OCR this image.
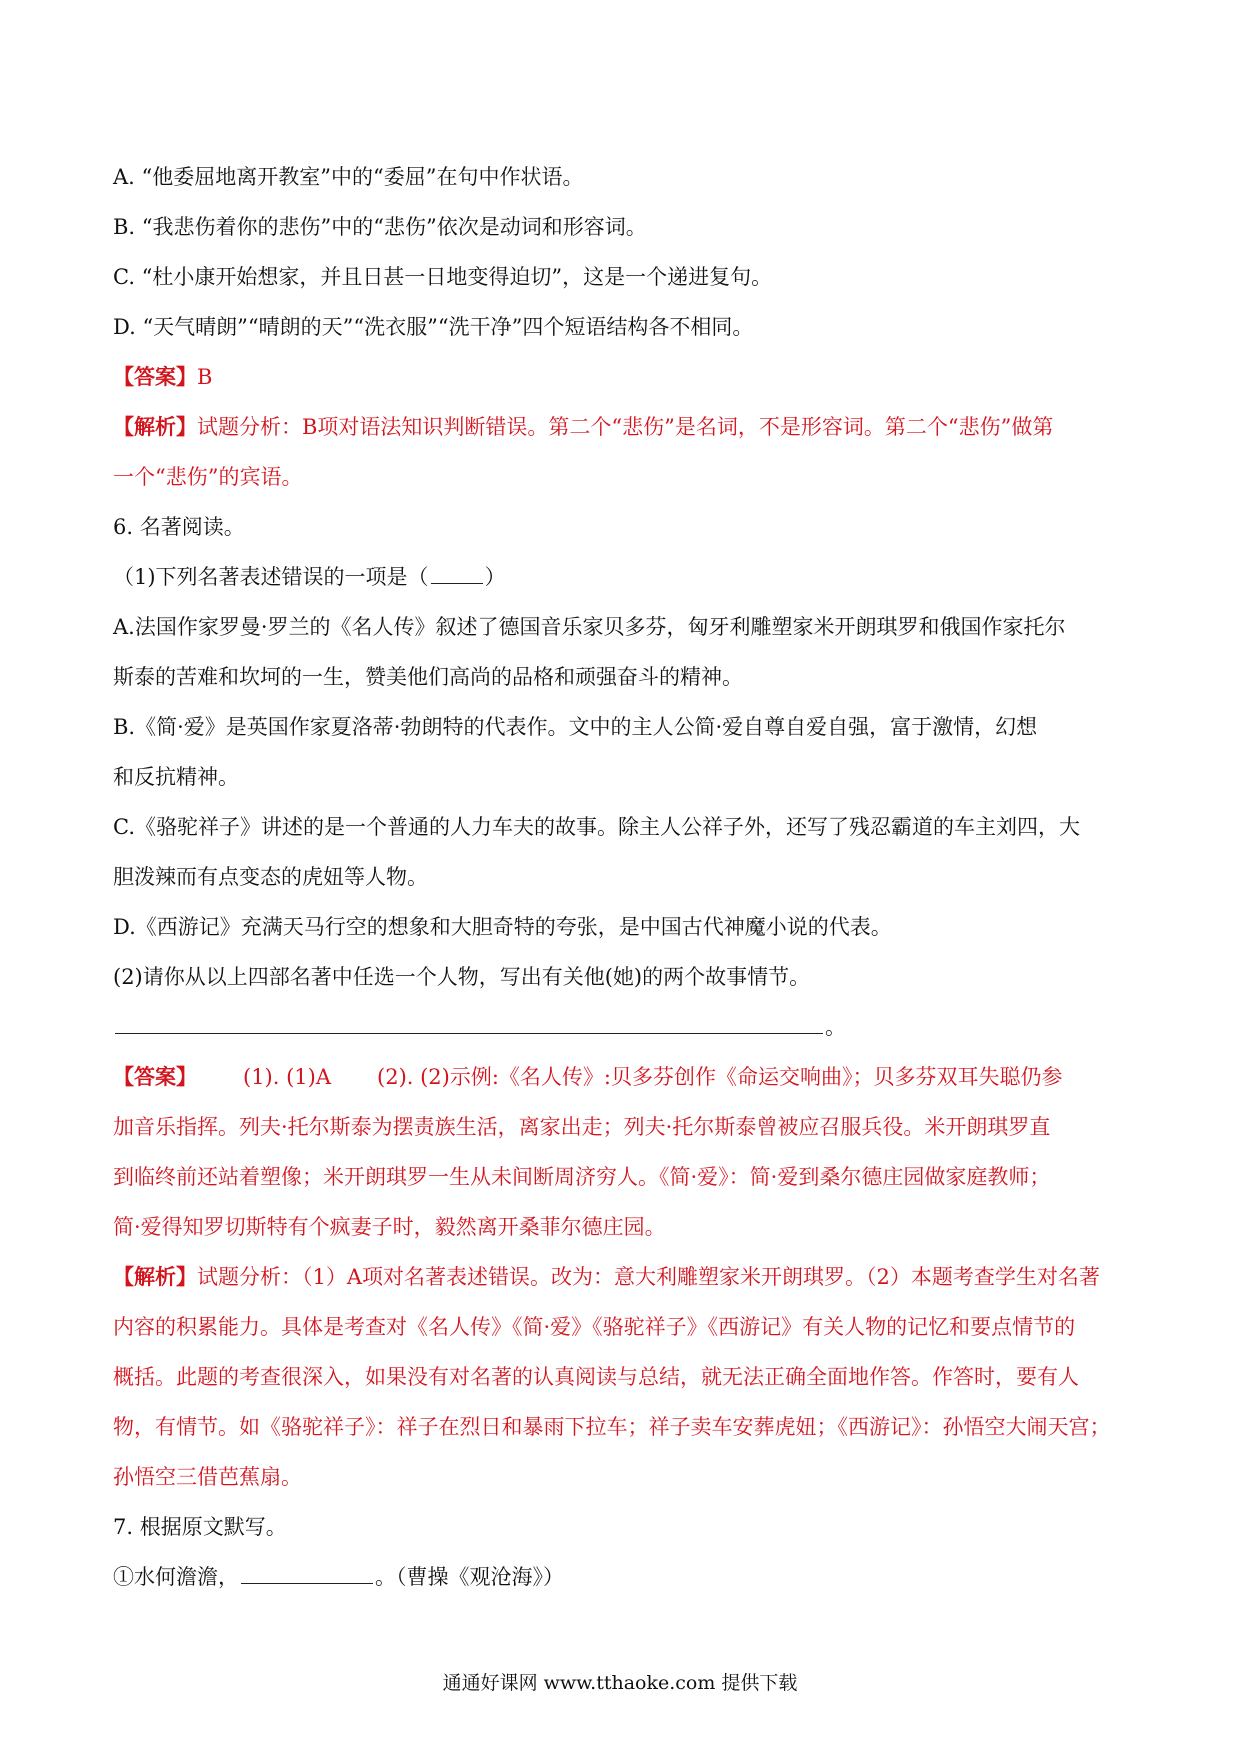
A. “他委屈地离开教室”中的“委屈”在句中作状语。
B. “我悲伤着你的悲伤”中的“悲伤”依次是动词和形容词。
C. “杜小康开始想家，并且日甚一日地变得迫切”，这是一个递进复句。
D. “天气晴朗”“晴朗的天”“洗衣服”“洗干净”四个短语结构各不相同。
【答案】B
【解析】试题分析：B项对语法知识判断错误。第二个“悲伤”是名词，不是形容词。第二个“悲伤”做第
一个“悲伤”的宾语。
6. 名著阅读。
（1)下列名著表述错误的一项是（	）
A.法国作家罗曼·罗兰的《名人传》叙述了德国音乐家贝多芬，匈牙利雕塑家米开朗琪罗和俄国作家托尔
斯泰的苦难和坎坷的一生，赞美他们高尚的品格和顽强奋斗的精神。
B.《简·爱》是英国作家夏洛蒂·勃朗特的代表作。文中的主人公简·爱自尊自爱自强，富于激情，幻想
和反抗精神。
C.《骆驼祥子》讲述的是一个普通的人力车夫的故事。除主人公祥子外，还写了残忍霸道的车主刘四，大
胆泼辣而有点变态的虎妞等人物。
D.《西游记》充满天马行空的想象和大胆奇特的夸张，是中国古代神魔小说的代表。
(2)请你从以上四部名著中任选一个人物，写出有关他(她)的两个故事情节。
。
【答案】 (1). (1)A (2). (2)示例:《名人传》:贝多芬创作《命运交响曲》；贝多芬双耳失聪仍参
加音乐指挥。列夫·托尔斯泰为摆责族生活，离家出走；列夫·托尔斯泰曾被应召服兵役。米开朗琪罗直
到临终前还站着塑像；米开朗琪罗一生从未间断周济穷人。《简·爱》：简·爱到桑尔德庄园做家庭教师；
简·爱得知罗切斯特有个疯妻子时，毅然离开桑菲尔德庄园。
【解析】试题分析：（1）A项对名著表述错误。改为：意大利雕塑家米开朗琪罗。（2）本题考查学生对名著
内容的积累能力。具体是考查对《名人传》《简·爱》《骆驼祥子》《西游记》有关人物的记忆和要点情节的
概括。此题的考查很深入，如果没有对名著的认真阅读与总结，就无法正确全面地作答。作答时，要有人
物，有情节。如《骆驼祥子》：祥子在烈日和暴雨下拉车；祥子卖车安葬虎妞；《西游记》：孙悟空大闹天宫；
孙悟空三借芭蕉扇。
7. 根据原文默写。
①水何澹澹，	。（曹操《观沧海》）
通通好课网 www.tthaoke.com 提供下载
